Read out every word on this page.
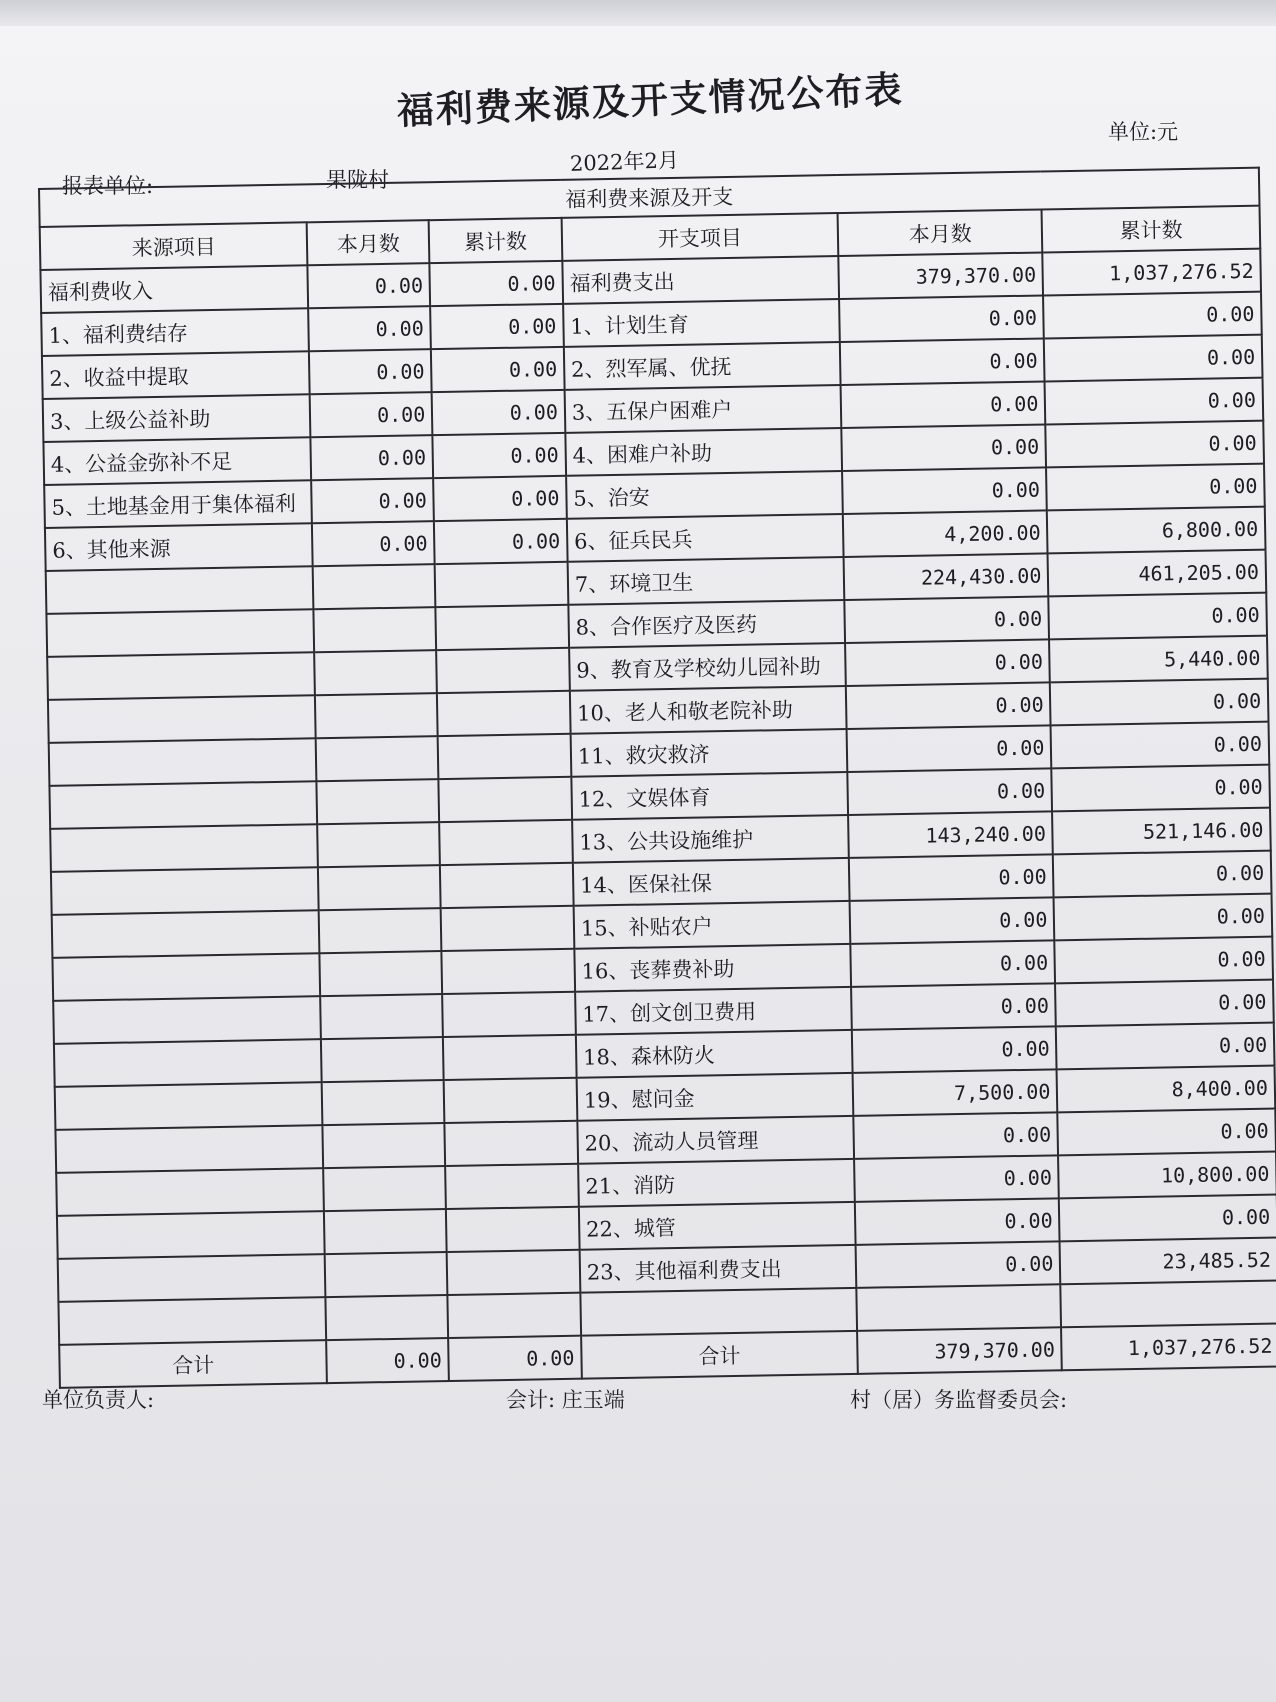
福利费来源及开支情况公布表	单位:元
2022年2月
报表单位:	果陇村
福利费来源及开支					
来源项目	本月数	累计数	开支项目	本月数	累计数
福利费收入	0.00	0.00	福利费支出	379,370.00	1,037,276.52
1、福利费结存	0.00	0.00	1、计划生育	0.00	0.00
2、收益中提取	0.00	0.00	2、烈军属、优抚	0.00	0.00
3、上级公益补助	0.00	0.00	3、五保户困难户	0.00	0.00
4、公益金弥补不足	0.00	0.00	4、困难户补助	0.00	0.00
5、土地基金用于集体福利	0.00	0.00	5、治安	0.00	0.00
6、其他来源	0.00	0.00	6、征兵民兵	4,200.00	6,800.00
			7、环境卫生	224,430.00	461,205.00
			8、合作医疗及医药	0.00	0.00
			9、教育及学校幼儿园补助	0.00	5,440.00
			10、老人和敬老院补助	0.00	0.00
			11、救灾救济	0.00	0.00
			12、文娱体育	0.00	0.00
			13、公共设施维护	143,240.00	521,146.00
			14、医保社保	0.00	0.00
			15、补贴农户	0.00	0.00
			16、丧葬费补助	0.00	0.00
			17、创文创卫费用	0.00	0.00
			18、森林防火	0.00	0.00
			19、慰问金	7,500.00	8,400.00
			20、流动人员管理	0.00	0.00
			21、消防	0.00	10,800.00
			22、城管	0.00	0.00
			23、其他福利费支出	0.00	23,485.52

合计	0.00	0.00	合计	379,370.00	1,037,276.52
单位负责人:	会计: 庄玉端	村（居）务监督委员会:
